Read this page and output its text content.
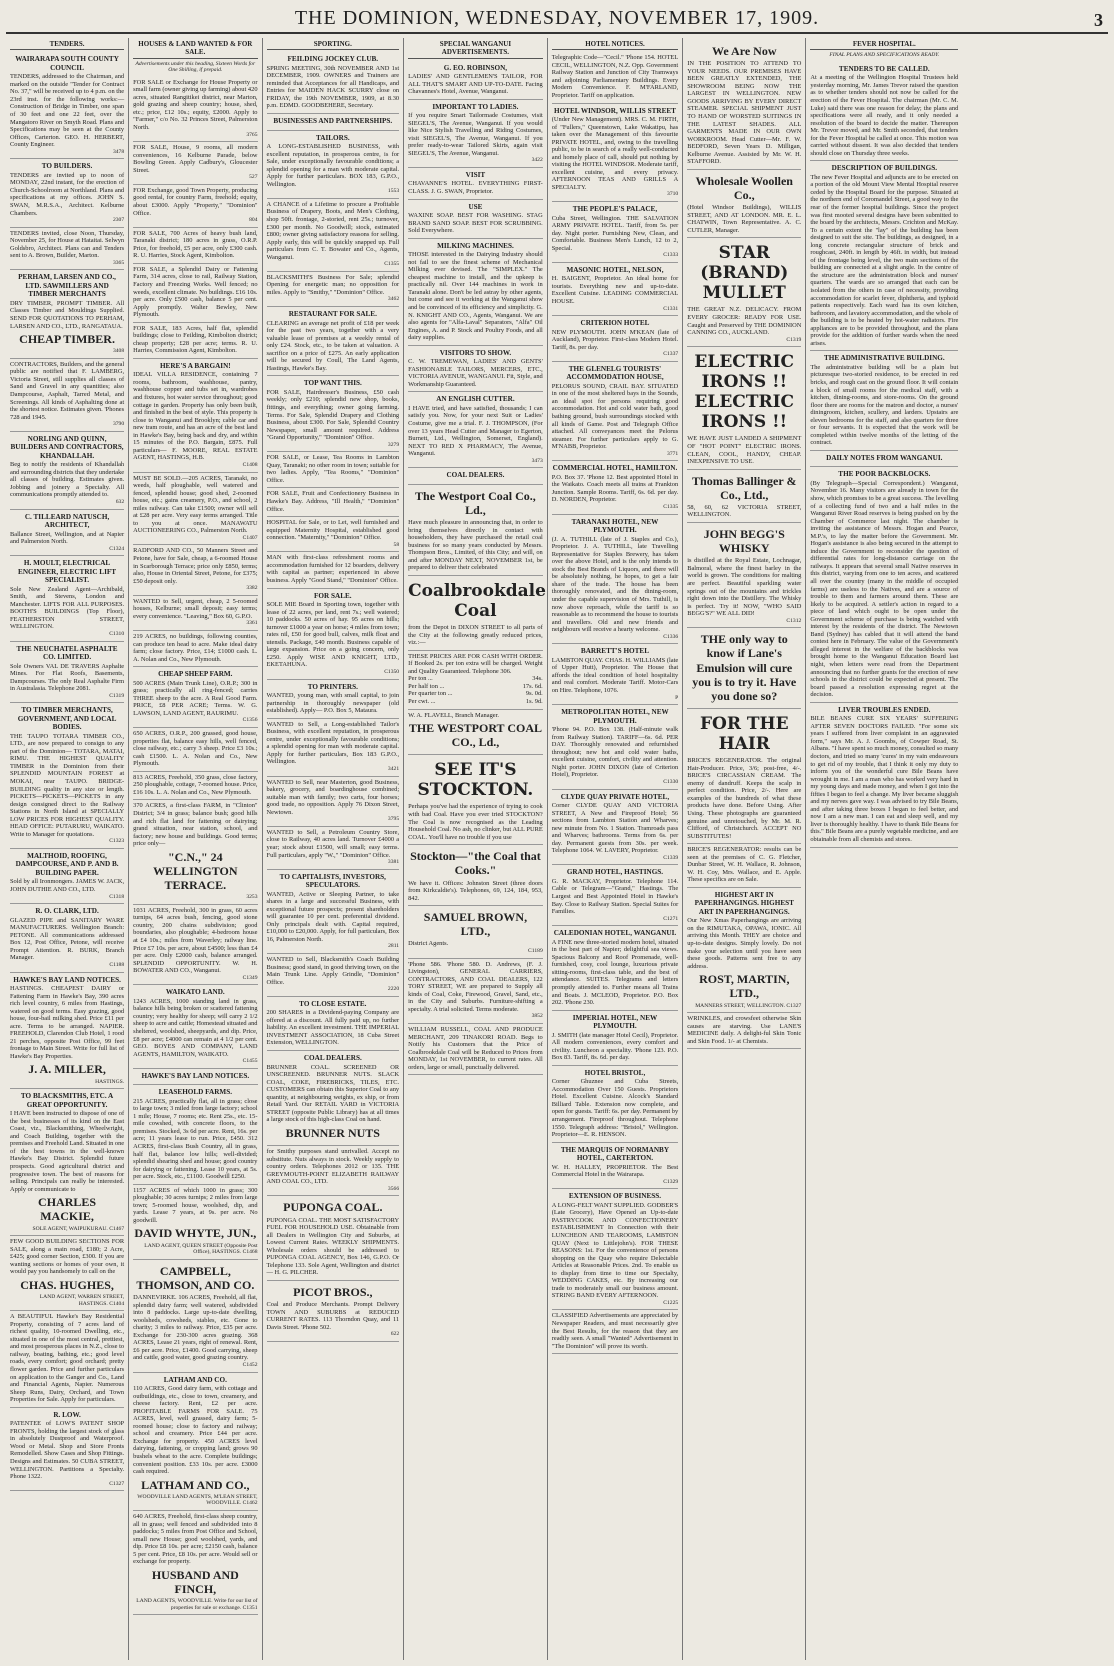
THE DOMINION, WEDNESDAY, NOVEMBER 17, 1909.	3
TENDERS.
WAIRARAPA SOUTH COUNTY COUNCIL

TENDERS, addressed to the Chairman, and marked on the outside "Tender for Contract No. 37," will be received up to 4 p.m. on the 23rd inst. for the following works:— Construction of Bridge in Timber, one span of 30 feet and one 22 feet, over the Mangatoro River on Smyth Road. Plans and Specifications may be seen at the County Offices, Carterton. GEO. H. HERBERT, County Engineer.

3478
TO BUILDERS.

TENDERS are invited up to noon of MONDAY, 22nd instant, for the erection of Church-Schoolroom at Northland. Plans and specifications at my offices. JOHN S. SWAN, M.R.S.A., Architect. Kelburne Chambers.

2307

TENDERS invited, close Noon, Thursday, November 25, for House at Hataitai. Selwyn Goldsbro, Architect. Plans can and Tenders sent to A. Brown, Builder, Marton.

3365
PERHAM, LARSEN AND CO., LTD. SAWMILLERS AND TIMBER MERCHANTS

DRY TIMBER, PROMPT TIMBER. All Classes Timber and Mouldings Supplied. SEND FOR QUOTATIONS TO PERHAM, LARSEN AND CO., LTD., RANGATAUA.

CHEAP TIMBER.
3408

CONTRACTORS, Builders, and the general public are notified that F. LAMBERG, Victoria Street, still supplies all classes of Sand and Gravel in any quantities; also Dampcourse, Asphalt, Tarred Metal, and Screenings. All kinds of Asphalting done at the shortest notice. Estimates given. 'Phones 728 and 1945.

3790
NORLING AND QUINN, BUILDERS AND CONTRACTORS, KHANDALLAH.

Beg to notify the residents of Khandallah and surrounding districts that they undertake all classes of building. Estimates given. Jobbing and joinery a Specialty. All communications promptly attended to.

632
C. TILLEARD NATUSCH, ARCHITECT,

Ballance Street, Wellington, and at Napier and Palmerston North.

C1324
H. MOULT, ELECTRICAL ENGINEER, ELECTRIC LIFT SPECIALIST.

Sole New Zealand Agent—Archibald, Smith, and Stevens, London and Manchester. LIFTS FOR ALL PURPOSES. BOOTH'S BUILDINGS (Top Floor), FEATHERSTON STREET, WELLINGTON.

C1310
THE NEUCHATEL ASPHALTE CO. LIMITED.

Sole Owners VAL DE TRAVERS Asphalte Mines. For Flat Roofs, Basements, Dampcourses. The only Real Asphalte Firm in Australasia. Telephone 2081.

C1319
TO TIMBER MERCHANTS, GOVERNMENT, AND LOCAL BODIES.

THE TAUPO TOTARA TIMBER CO., LTD., are now prepared to consign to any part of the Dominion— TOTARA, MATAI, RIMU. THE HIGHEST QUALITY TIMBER in the Dominion from their SPLENDID MOUNTAIN FOREST at MOKAI, near TAUPO. BRIDGE-BUILDING quality in any size or length. PICKETS—PICKETS—PICKETS in any design consigned direct to the Railway Stations in North Island at SPECIALLY LOW PRICES FOR HIGHEST QUALITY. HEAD OFFICE: PUTARURU, WAIKATO. Write to Manager for quotations.

C1323
MALTHOID, ROOFING, DAMPCOURSE, AND P. AND B. BUILDING PAPER.

Sold by all Ironmongers. JAMES W. JACK, JOHN DUTHIE AND CO., LTD.

C1318
R. O. CLARK, LTD.

GLAZED PIPE and SANITARY WARE MANUFACTURERS. Wellington Branch: PETONE. All communications addressed Box 12, Post Office, Petone, will receive Prompt Attention. R. BURK, Branch Manager.

C1188
HAWKE'S BAY LAND NOTICES.

HASTINGS. CHEAPEST DAIRY or Fattening Farm in Hawke's Bay, 390 acres rich level country, 6 miles from Hastings, watered on good terms. Easy grazing, good house, four-bail milking shed. Price £11 per acre. Terms to be arranged. NAPIER. FREEHOLD, Clarendon Club Hotel, 1 rood 21 perches, opposite Post Office, 99 feet frontage to Main Street. Write for full list of Hawke's Bay Properties.

J. A. MILLER,
HASTINGS.
TO BLACKSMITHS, ETC. A GREAT OPPORTUNITY.

I HAVE been instructed to dispose of one of the best businesses of its kind on the East Coast, viz., Blacksmithing, Wheelwright, and Coach Building, together with the premises and Freehold Land. Situated in one of the best towns in the well-known Hawke's Bay District. Splendid future prospects. Good agricultural district and progressive town. The best of reasons for selling. Principals can really be interested. Apply or communicate to

CHARLES MACKIE,
SOLE AGENT, WAIPUKURAU. C1467

FEW GOOD BUILDING SECTIONS FOR SALE, along a main road, £180; 2 Acre, £425; good corner Section, £300. If you are wanting sections or homes of your own, it would pay you handsomely to call on the

CHAS. HUGHES,
LAND AGENT, WARREN STREET, HASTINGS. C1404

A BEAUTIFUL Hawke's Bay Residential Property, consisting of 7 acres land of richest quality, 10-roomed Dwelling, etc., situated in one of the most central, prettiest, and most prosperous places in N.Z., close to railway, boating, bathing, etc.; good level roads, every comfort; good orchard; pretty flower garden. Price and further particulars on application to the Ganger and Co., Land and Financial Agents, Napier. Numerous Sheep Runs, Dairy, Orchard, and Town Properties for Sale. Apply for particulars.

R. LOW.

PATENTEE of LOW'S PATENT SHOP FRONTS, holding the largest stock of glass in absolutely Dustproof and Waterproof. Wood or Metal. Shop and Store Fronts Remodelled. Show Cases and Shop Fittings. Designs and Estimates. 50 CUBA STREET, WELLINGTON. Partitions a Specialty. Phone 1322.

C1327
HOUSES & LAND WANTED & FOR SALE.
Advertisements under this heading, Sixteen Words for One Shilling, if prepaid.

FOR SALE or Exchange for House Property or small farm (owner giving up farming) about 420 acres, situated Rangitikei district, near Marton, gold grazing and sheep country; house, shed, etc.; price, £12 10s.; equity, £2000. Apply to "Farmer," c/o No. 32 Princes Street, Palmerston North.

3765

FOR SALE, House, 9 rooms, all modern conveniences, 16 Kelburne Parade, below Bowling Green. Apply Cadbury's, Gloucester Street.

527

FOR Exchange, good Town Property, producing good rental, for country Farm, freehold; equity, about £3000. Apply "Property," "Dominion" Office.

804

FOR SALE, 700 Acres of heavy bush land, Taranaki district; 180 acres in grass, O.R.P. Price, for freehold, £5 per acre, only £300 cash. R. U. Harries, Stock Agent, Kimbolton.

FOR SALE, a Splendid Dairy or Fattening Farm, 314 acres, close to rail, Railway Station, Factory and Freezing Works. Well fenced; no weeds, excellent climate. No buildings. £16 10s. per acre. Only £500 cash, balance 5 per cent. Apply promptly. Walter Bewley, New Plymouth.

FOR SALE, 183 Acres, half flat, splendid buildings; close to Feilding, Kimbolton district; cheap property; £28 per acre; terms. R. U. Harries, Commission Agent, Kimbolton.

HERE'S A BARGAIN!

IDEAL VILLA RESIDENCE, containing 7 rooms, bathroom, washhouse, pantry, washhouse copper and tubs set in, wardrobes and fixtures, hot water service throughout; good cottage in garden. Property has only been built, and finished in the best of style. This property is close to Wanganui and Brooklyn; cable car and new tram route, and has an acre of the best land in Hawke's Bay, being back and dry, and within 15 minutes of the P.O. Bargain, £875. Full particulars— F. MOORE, REAL ESTATE AGENT, HASTINGS, H.B.

C1408

MUST BE SOLD.—205 ACRES, Taranaki, no weeds, half ploughable, well watered and fenced, splendid house; good shed, 2-roomed house, etc.; gains creamery, P.O., and school, 2 miles railway. Can take £1500; owner will sell at £28 per acre. Very easy terms arranged. Title to you at once. MANAWATU AUCTIONEERING CO., Palmerston North.

C1407

RADFORD AND CO., 50 Manners Street and Petone, have for Sale, cheap, a 6-roomed House in Scarborough Terrace; price only £850, terms; also, House in Oriental Street, Petone, for £375; £50 deposit only.

3382

WANTED to Sell, urgent, cheap, 2 5-roomed houses, Kelburne; small deposit; easy terms; every convenience. "Leaving," Box 60, G.P.O.

3361

219 ACRES, no buildings, following counties, can produce ten head to acre. Make ideal dairy farm; close factory. Price, £14; £1000 cash. L. A. Nolan and Co., New Plymouth.

CHEAP SHEEP FARM.

500 ACRES (Main Trunk Line), O.R.P.; 300 in grass; practically all ring-fenced; carries THREE sheep to the acre. A Real Good Farm. PRICE, £8 PER ACRE; Terms. W. G. LAWSON, LAND AGENT, RAURIMU.

C1356

650 ACRES, O.R.P., 200 grassed, good house, properties flat, balance easy hills, well fenced, close railway, etc.; carry 3 sheep. Price £3 10s.; cash £1500. L. A. Nolan and Co., New Plymouth.

813 ACRES, Freehold, 350 grass, close factory, 250 ploughable, cottage, 7-roomed house. Price, £16 10s. L. A. Nolan and Co., New Plymouth.

370 ACRES, a first-class FARM, in "Clinton" District; 3/4 in grass; balance bush; good hills and rich flat land for fattening or dairying; grand situation, near station, school, and factory; new house and buildings. Good terms; price only—

"C.N.," 24 WELLINGTON TERRACE.
3253

1031 ACRES, Freehold, 300 in grass, 60 acres turnips, 64 acres bush, fencing, good stone country, 200 chains subdivision; good boundaries, also ploughable; 4-bedroom house at £4 10s.; miles from Waverley; railway line. Price £7 10s. per acre, about £4500; less than £4 per acre. Only £2000 cash, balance arranged. SPLENDID OPPORTUNITY. W. H. BOWATER AND CO., Wanganui.

C1349
WAIKATO LAND.

1243 ACRES, 1000 standing land in grass, balance hills being broken or scattered fattening country; very healthy for sheep; will carry 2 1/2 sheep to acre and cattle; Homestead situated and sheltered, woolshed, sheepyards, and dip. Price, £8 per acre; £4000 can remain at 4 1/2 per cent. GEO. BOYES AND COMPANY, LAND AGENTS, HAMILTON, WAIKATO.

C1455
HAWKE'S BAY LAND NOTICES.
LEASEHOLD FARMS.

215 ACRES, practically flat, all in grass; close to large town; 3 miled from large factory; school 1 mile; House, 7 rooms; etc. Rent 25s., etc. 15-mile cowshed, with concrete floors, to the premises. Stocked, 3s 6d per acre. Rent, 16s. per acre; 11 years lease to run. Price, £450. 312 ACRES, first-class Bush Country, all in grass, half flat, balance low hills; well-divided; splendid shearing shed and house; good country for dairying or fattening. Lease 10 years, at 5s. per acre. Stock, etc., £1100. Goodwill £250.

1157 ACRES of which 1000 in grass; 300 ploughable; 30 acres turnips; 2 miles from large town; 5-roomed house, woolshed, dip, and yards. Lease 7 years, at 9s. per acre. No goodwill.

DAVID WHYTE, JUN.,
LAND AGENT, QUEEN STREET (Opposite Post Office), HASTINGS. C1468
CAMPBELL, THOMSON, AND CO.

DANNEVIRKE. 106 ACRES, Freehold, all flat, splendid dairy farm; well watered, subdivided into 8 paddocks. Large up-to-date dwelling, woolsheds, cowsheds, stables, etc. Gone to charity; 3 miles to railway. Price, £35 per acre. Exchange for 230-300 acres grazing. 368 ACRES, Lease 21 years, right of renewal. Rent, £6 per acre. Price, £1400. Good carrying, sheep and cattle, good water, good grazing country.

C1452
LATHAM AND CO.

110 ACRES, Good dairy farm, with cottage and outbuildings, etc., close to town, creamery, and cheese factory. Rent, £2 per acre. PROFITABLE FARMS FOR SALE. 75 ACRES, level, well grassed, dairy farm; 5-roomed house; close to factory and railway; school and creamery. Price £44 per acre. Exchange for property. 450 ACRES level dairying, fattening, or cropping land; grows 90 bushels wheat to the acre. Complete buildings; convenient position. £33 10s. per acre. £3000 cash required.

LATHAM AND CO.,
WOODVILLE LAND AGENTS, M'LEAN STREET, WOODVILLE. C1462

640 ACRES, Freehold, first-class sheep country, all in grass; well fenced and subdivided into 8 paddocks; 5 miles from Post Office and School, small new House; good woolshed, yards, and dip. Price £8 10s. per acre; £2150 cash, balance 5 per cent. Price, £8 10s. per acre. Would sell or exchange for property.

HUSBAND AND FINCH,
LAND AGENTS, WOODVILLE. Write for our list of properties for sale or exchange. C1351
SPORTING.
FEILDING JOCKEY CLUB.

SPRING MEETING, 30th NOVEMBER AND 1st DECEMBER, 1909. OWNERS and Trainers are reminded that Acceptances for all Handicaps, and Entries for MAIDEN HACK SCURRY close on FRIDAY, the 19th NOVEMBER, 1909, at 8.30 p.m. EDMD. GOODBEHERE, Secretary.

BUSINESSES AND PARTNERSHIPS.
TAILORS.

A LONG-ESTABLISHED BUSINESS, with excellent reputation, in prosperous centre, is for Sale, under exceptionally favourable conditions; a splendid opening for a man with moderate capital. Apply for further particulars. BOX 183, G.P.O., Wellington.

1553

A CHANCE of a Lifetime to procure a Profitable Business of Drapery, Boots, and Men's Clothing, shop 50ft. frontage, 2-storied, rent 25s.; turnover, £300 per month. No Goodwill; stock, estimated £800; owner giving satisfactory reasons for selling. Apply early, this will be quickly snapped up. Full particulars from C. T. Bowater and Co., Agents, Wanganui.

C1355

BLACKSMITH'S Business For Sale; splendid Opening for energetic man; no opposition for miles. Apply to "Smithy," "Dominion" Office.

3462
RESTAURANT FOR SALE.

CLEARING an average net profit of £18 per week for the past two years, together with a very valuable lease of premises at a weekly rental of only £24. Stock, etc., to be taken at valuation. A sacrifice on a price of £275. An early application will be secured by Coull, The Land Agents, Hastings, Hawke's Bay.

TOP WANT THIS.

FOR SALE, Hairdresser's Business, £50 cash weekly; only £210; splendid new shop, books, fittings, and everything; owner going farming. Terms. For Sale, Splendid Drapery and Clothing Business, about £300. For Sale, Splendid Country Newspaper, small amount required. Address "Grand Opportunity," "Dominion" Office.

3279

FOR SALE, or Lease, Tea Rooms in Lambton Quay, Taranaki; no other room in town; suitable for two ladies. Apply, "Tea Rooms," "Dominion" Office.

FOR SALE, Fruit and Confectionery Business in Hawke's Bay. Address, "Ill Health," "Dominion" Office.

HOSPITAL for Sale, or to Let, well furnished and equipped Maternity Hospital, established good connection. "Maternity," "Dominion" Office.

58

MAN with first-class refreshment rooms and accommodation furnished for 12 boarders, delivery with capital as partner; experienced in above business. Apply "Good Stand," "Dominion" Office.

FOR SALE.

SOLE MIE Board in Sporting town, together with lease of 22 acres, per land, rent 7s.; well watered; 10 paddocks. 50 acres of hay. 95 acres on hills; turnover £1000 a year on horse; 4 miles from town; rates nil, £50 for good bull, calves, milk float and utensils. Package, £40 month. Business capable of large expansion. Price on a going concern, only £250. Apply WISE AND KNIGHT, LTD., EKETAHUNA.

C1350
TO PRINTERS.

WANTED, young man, with small capital, to join partnership in thoroughly newspaper (old established). Apply— P.O. Box 5, Mataura.

WANTED to Sell, a Long-established Tailor's Business, with excellent reputation, in prosperous centre, under exceptionally favourable conditions; a splendid opening for man with moderate capital. Apply for further particulars, Box 183 G.P.O., Wellington.

3421

WANTED to Sell, near Masterton, good Business, bakery, grocery, and boardinghouse combined; suitable man with family; two carts, four horses; good trade, no opposition. Apply 76 Dixon Street, Newtown.

3795

WANTED to Sell, a Petroleum Country Store, close to Railway, 40 acres land. Turnover £4000 a year; stock about £1500, will small; easy terms. Full particulars, apply "W.," "Dominion" Office.

3381
TO CAPITALISTS, INVESTORS, SPECULATORS.

WANTED, Active or Sleeping Partner, to take shares in a large and successful Business, with exceptional future prospects; present shareholders will guarantee 10 per cent. preferential dividend. Only principals dealt with. Capital required, £10,000 to £20,000. Apply, for full particulars, Box 16, Palmerston North.

2811

WANTED to Sell, Blacksmith's Coach Building Business; good stand, in good thriving town, on the Main Trunk Line. Apply Grindle, "Dominion" Office.

2220
TO CLOSE ESTATE.

200 SHARES in a Dividend-paying Company are offered at a discount. All fully paid up, no further liability. An excellent investment. THE IMPERIAL INVESTMENT ASSOCIATION, 18 Cuba Street Extension, WELLINGTON.

COAL DEALERS.

BRUNNER COAL. SCREENED OR UNSCREENED. BRUNNER NUTS. SLACK COAL, COKE, FIREBRICKS, TILES, ETC. CUSTOMERS can obtain this Superior Coal to any quantity, at neighbouring weights, ex ship, or from Retail Yard. Our RETAIL YARD in VICTORIA STREET (opposite Public Library) has at all times a large stock of this high-class Coal on hand.

BRUNNER NUTS

for Smithy purposes stand unrivalled. Accept no substitute. Nuts always in stock. Weekly supply to country orders. Telephones 2012 or 135. THE GREYMOUTH-POINT ELIZABETH RAILWAY AND COAL CO., LTD.

3566
PUPONGA COAL.

PUPONGA COAL. THE MOST SATISFACTORY FUEL FOR HOUSEHOLD USE. Obtainable from all Dealers in Wellington City and Suburbs, at Lowest Current Rates. WEEKLY SHIPMENTS. Wholesale orders should be addressed to PUPONGA COAL AGENCY, Box 146, G.P.O. Or Telephone 133. Sole Agent, Wellington and district— H. G. PILCHER.

PICOT BROS.,

Coal and Produce Merchants. Prompt Delivery TOWN AND SUBURBS at REDUCED CURRENT RATES. 113 Thorndon Quay, and 11 Davis Street. 'Phone 502.

622
SPECIAL WANGANUI ADVERTISEMENTS.
G. EO. ROBINSON,

LADIES' AND GENTLEMEN'S TAILOR, FOR ALL THAT'S SMART AND UP-TO-DATE. Facing Chavannes's Hotel, Avenue, Wanganui.

IMPORTANT TO LADIES.

If you require Smart Tailormade Costumes, visit SIEGEL'S, The Avenue, Wanganui. If you would like Nice Stylish Travelling and Riding Costumes, visit SIEGEL'S, The Avenue, Wanganui. If you prefer ready-to-wear Tailored Skirts, again visit SIEGEL'S, The Avenue, Wanganui.

3422
VISIT

CHAVANNE'S HOTEL. EVERYTHING FIRST-CLASS. J. G. SWAN, Proprietor.

USE

WAXINE SOAP. BEST FOR WASHING. STAG BRAND SAND SOAP. BEST FOR SCRUBBING. Sold Everywhere.

MILKING MACHINES.

THOSE interested in the Dairying Industry should not fail to see the finest scheme of Mechanical Milking ever devised. The "SIMPLEX." The cheapest machine to install, and the upkeep is practically nil. Over 144 machines in work in Taranaki alone. Don't be led astray by other agents, but come and see it working at the Wanganui show and be convinced of its efficiency and simplicity. G. N. KNIGHT AND CO., Agents, Wanganui. We are also agents for "Alfa-Laval" Separators, "Alfa" Oil Engines, A. and P. Stock and Poultry Foods, and all dairy supplies.

VISITORS TO SHOW.

C. W. TREMEWAN, LADIES' AND GENTS' FASHIONABLE TAILORS, MERCERS, ETC., VICTORIA AVENUE, WANGANUI. Fit, Style, and Workmanship Guaranteed.

AN ENGLISH CUTTER.

I HAVE tried, and have satisfied, thousands; I can satisfy you. Now, for your next Suit or Ladies' Costume, give me a trial. F. J. THOMPSON, (For over 13 years Head Cutter and Manager to Egerton, Burnett, Ltd., Wellington, Somerset, England). NEXT TO RED X PHARMACY, The Avenue, Wanganui.

3473
COAL DEALERS.
The Westport Coal Co., Ld.,

Have much pleasure in announcing that, in order to bring themselves directly in contact with householders, they have purchased the retail coal business for so many years conducted by Messrs. Thompson Bros., Limited, of this City; and will, on and after MONDAY NEXT, NOVEMBER 1st, be prepared to deliver their celebrated

Coalbrookdale Coal

from the Depot in DIXON STREET to all parts of the City at the following greatly reduced prices, viz.:—

THESE PRICES ARE FOR CASH WITH ORDER. If Booked 2s. per ton extra will be charged. Weight and Quality Guaranteed. Telephone 306.

Per ton ...	34s.
Per half ton ...	17s. 6d.
Per quarter ton ...	9s. 0d.
Per cwt. ...	1s. 9d.

W. A. FLAVELL, Branch Manager.

THE WESTPORT COAL CO., Ld.,
SEE IT'S STOCKTON.

Perhaps you've had the experience of trying to cook with bad Coal. Have you ever tried STOCKTON? The Coal is now recognised as the Leading Household Coal. No ash, no clinker, but ALL PURE COAL. You'll have no trouble if you use

Stockton—"the Coal that Cooks."

We have it. Offices: Johnston Street (three doors from Kirkcaldie's). Telephones, 69, 124, 184, 953, 842.

SAMUEL BROWN, LTD.,

District Agents.

C1189

'Phone 586. 'Phone 580. D. Andrews, (F. J. Livingston), GENERAL CARRIERS, CONTRACTORS, AND COAL DEALERS, 122 TORY STREET, WE are prepared to Supply all kinds of Coal, Coke, Firewood, Gravel, Sand, etc., in the City and Suburbs. Furniture-shifting a specialty. A trial solicited. Terms moderate.

3852

WILLIAM RUSSELL, COAL AND PRODUCE MERCHANT, 209 TINAKORI ROAD. Begs to Notify his Customers that the Price of Coalbrookdale Coal will be Reduced to Prices from MONDAY, 1st NOVEMBER, to current rates. All orders, large or small, punctually delivered.

HOTEL NOTICES.

Telegraphic Code—"Cecil." 'Phone 154. HOTEL CECIL, WELLINGTON, N.Z. Opp. Government Railway Station and Junction of City Tramways and adjoining Parliamentary Buildings. Every Modern Convenience. F. M'FARLAND, Proprietor. Tariff on application.

HOTEL WINDSOR, WILLIS STREET

(Under New Management). MRS. C. M. FIRTH, of "Fullers," Queenstown, Lake Wakatipu, has taken over the Management of this favourite PRIVATE HOTEL, and, owing to the travelling public, to be in search of a really well-conducted and homely place of call, should put nothing by visiting the HOTEL WINDSOR. Moderate tariff, excellent cuisine, and every privacy. AFTERNOON TEAS AND GRILLS A SPECIALTY.

3710
THE PEOPLE'S PALACE,

Cuba Street, Wellington. THE SALVATION ARMY PRIVATE HOTEL. Tariff, from 5s. per day. Night porter. Furnishing New, Clean, and Comfortable. Business Men's Lunch, 12 to 2, Special.

C1333
MASONIC HOTEL, NELSON,

H. BAIGENT, Proprietor. An ideal home for tourists. Everything new and up-to-date. Excellent Cuisine. LEADING COMMERCIAL HOUSE.

C1331
CRITERION HOTEL

NEW PLYMOUTH. JOHN M'KEAN (late of Auckland), Proprietor. First-class Modern Hotel. Tariff, 8s. per day.

C1337
THE GLENELG TOURISTS' ACCOMMODATION HOUSE,

PELORUS SOUND, CRAIL BAY. SITUATED in one of the most sheltered bays in the Sounds, an ideal spot for persons requiring good accommodation. Hot and cold water bath, good bathing ground, bush surroundings stocked with all kinds of Game. Post and Telegraph Office attached. All conveyances meet the Pelorus steamer. For further particulars apply to G. M'NABB, Proprietor.

3771
COMMERCIAL HOTEL, HAMILTON.

P.O. Box 37. 'Phone 12. Best appointed Hotel in the Waikato. Coach meets all trains at Frankton Junction. Sample Rooms. Tariff, 6s. 6d. per day. D. NORDEN, Proprietor.

C1335
TARANAKI HOTEL, NEW PLYMOUTH.

(J. A. TUTHILL (late of J. Staples and Co.), Proprietor. J. A. TUTHILL, late Travelling Representative for Staples Brewery, has taken over the above Hotel, and is the only intends to stock the Best Brands of Liquors, and there will be absolutely nothing, he hopes, to get a fair share of the trade. The house has been thoroughly renovated, and the dining-room, under the capable supervision of Mrs. Tuthill, is now above reproach, while the tariff is so reasonable as to recommend the house to tourists and travellers. Old and new friends and neighbours will receive a hearty welcome.

C1336
BARRETT'S HOTEL

LAMBTON QUAY. CHAS. H. WILLIAMS (late of Upper Hutt), Proprietor. The House that affords the ideal condition of hotel hospitality and real comfort. Moderate Tariff. Motor-Cars on Hire. Telephone, 1076.

P
METROPOLITAN HOTEL, NEW PLYMOUTH.

'Phone 94. P.O. Box 138. (Half-minute walk from Railway Station). TARIFF—6s. 6d. PER DAY. Thoroughly renovated and refurnished throughout; new hot and cold water baths, excellent cuisine, comfort, civility and attention. Night porter. JOHN DIXON (late of Criterion Hotel), Proprietor.

C1330
CLYDE QUAY PRIVATE HOTEL,

Corner CLYDE QUAY AND VICTORIA STREET, A New and Fireproof Hotel; 56 sections from Lambton Station and Wharves; new minute from No. 1 Station. Tramroads pass and Wharves; bathrooms. Terms from 6s. per day. Permanent guests from 30s. per week. Telephone 1064. W. LAVERY, Proprietor.

C1339
GRAND HOTEL, HASTINGS.

G. R. MACKAY, Proprietor. Telephone 114. Cable or Telegram—"Grand," Hastings. The Largest and Best Appointed Hotel in Hawke's Bay. Close to Railway Station. Special Suites for Families.

C1271
CALEDONIAN HOTEL, WANGANUI.

A FINE new three-storied modern hotel, situated in the best part of Napier; delightful sea views. Spacious Balcony and Roof Promenade, well-furnished, cosy, cool lounge, luxurious private sitting-rooms, first-class table, and the best of attendance. SUITES. Telegrams and letters promptly attended to. Further means all Trains and Boats. J. MCLEOD, Proprietor. P.O. Box 202. 'Phone 230.

IMPERIAL HOTEL, NEW PLYMOUTH.

J. SMITH (late manager Hotel Cecil), Proprietor. All modern conveniences, every comfort and civility. Luncheon a speciality. 'Phone 123. P.O. Box 83. Tariff, 8s. 6d. per day.

HOTEL BRISTOL,

Corner Ghuznee and Cuba Streets, Accommodation Over 150 Guests. Proprietors Hotel. Excellent Cuisine. Alcock's Standard Billiard Table. Extension now complete, and open for guests. Tariff: 6s. per day. Permanent by arrangement. Fireproof throughout. Telephone 1550. Telegraph address: "Bristol," Wellington. Proprietor—E. R. HENSON.

THE MARQUIS OF NORMANBY HOTEL, CARTERTON.

W. H. HALLEY, PROPRIETOR. The Best Commercial Hotel in the Wairarapa.

C1329
EXTENSION OF BUSINESS.

A LONG-FELT WANT SUPPLIED. GODBER'S (Late Grocery), Have Opened an Up-to-date PASTRYCOOK AND CONFECTIONERY ESTABLISHMENT In Connection with their LUNCHEON AND TEAROOMS, LAMBTON QUAY (Next to Littlejohn's). FOR THESE REASONS: 1st. For the convenience of persons shopping on the Quay who require Delectable Articles at Reasonable Prices. 2nd. To enable us to display from time to time our Specialty, WEDDING CAKES, etc. By increasing our trade to moderately small our business amount. STRING BAND EVERY AFTERNOON.

C1225

CLASSIFIED Advertisements are appreciated by Newspaper Readers, and must necessarily give the Best Results, for the reason that they are readily seen. A small "Wanted" Advertisement in "The Dominion" will prove its worth.

We Are Now

IN THE POSITION TO ATTEND TO YOUR NEEDS. OUR PREMISES HAVE BEEN GREATLY EXTENDED, THE SHOWROOM BEING NOW THE LARGEST IN WELLINGTON. NEW GOODS ARRIVING BY EVERY DIRECT STEAMER. SPECIAL SHIPMENT JUST TO HAND OF WORSTED SUITINGS IN THE LATEST SHADES. ALL GARMENTS MADE IN OUR OWN WORKROOM. Head Cutter—Mr. F. W. BEDFORD, Seven Years D. Milligan, Kelburne Avenue. Assisted by Mr. W. H. STAFFORD.

Wholesale Woollen Co.,

(Hotel Windsor Buildings), WILLIS STREET, AND AT LONDON. MR. E. L. CHATWIN, Town Representative. A. C. CUTLER, Manager.

STAR (BRAND) MULLET

THE GREAT N.Z. DELICACY. FROM EVERY GROCER: READY FOR USE. Caught and Preserved by THE DOMINION CANNING CO., AUCKLAND.

C1319
ELECTRIC IRONS !! ELECTRIC IRONS !!

WE HAVE JUST LANDED A SHIPMENT OF "HOT POINT" ELECTRIC IRONS. CLEAN, COOL, HANDY, CHEAP. INEXPENSIVE TO USE.

Thomas Ballinger & Co., Ltd.,

58, 60, 62 VICTORIA STREET, WELLINGTON.

JOHN BEGG'S WHISKY

is distilled at the Royal Estate, Lochnagar, Balmoral, where the finest barley in the world is grown. The conditions for malting are perfect. Beautiful sparkling water springs out of the mountains and trickles right down into the Distillery. The Whisky is perfect. Try it! NOW, "WHO SAID BEGG'S?" WE ALL DID!

C1312
THE only way to know if Lane's Emulsion will cure you is to try it. Have you done so?
FOR THE HAIR

BRICE'S REGENERATOR. The original Hair-Producer. Price, 3/6; post-free, 4/-. BRICE'S CIRCASSIAN CREAM. The enemy of dandruff. Keeps the scalp in perfect condition. Price, 2/-. Here are examples of the hundreds of what these products have done. Before Using. After Using. These photographs are guaranteed genuine and unretouched, by Mr. M. R. Clifford, of Christchurch. ACCEPT NO SUBSTITUTES!

BRICE'S REGENERATOR: results can be seen at the premises of C. G. Fletcher, Dunbar Street, W. H. Wallace, R. Johnson, W. H. Coy, Mrs. Wallace, and E. Apple. These specifics are on Sale.

HIGHEST ART IN PAPERHANGINGS. HIGHEST ART IN PAPERHANGINGS.

Our New Xmas Paperhangings are arriving on the RIMUTAKA, OPAWA, IONIC. All arriving this Month. THEY are choice and up-to-date designs. Simply lovely. Do not make your selection until you have seen these goods. Patterns sent free to any address.

ROST, MARTIN, LTD.,
MANNERS STREET, WELLINGTON. C1327

WRINKLES, and crowsfeet otherwise Skin causes are starving. Use LANE'S MEDICINE daily. A delight-ful Skin Tonic and Skin Food. 1/- at Chemists.

FEVER HOSPITAL.
FINAL PLANS AND SPECIFICATIONS READY.
TENDERS TO BE CALLED.

At a meeting of the Wellington Hospital Trustees held yesterday morning, Mr. James Trevor raised the question as to whether tenders should not now be called for the erection of the Fever Hospital. The chairman (Mr. C. M. Luke) said there was one reason for delay; the plans and specifications were all ready, and it only needed a resolution of the board to decide the matter. Thereupon Mr. Trevor moved, and Mr. Smith seconded, that tenders for the Fever Hospital be called at once. This motion was carried without dissent. It was also decided that tenders should close on Thursday three weeks.

DESCRIPTION OF BUILDINGS.

The new Fever Hospital and adjuncts are to be erected on a portion of the old Mount View Mental Hospital reserve ceded by the Hospital Board for the purpose. Situated at the northern end of Coromandel Street, a good way to the rear of the former hospital buildings. Since the project was first mooted several designs have been submitted to the board by the architects, Messrs. Crichton and McKay. To a certain extent the "lay" of the building has been designed to suit the site. The buildings, as designed, in a long concrete rectangular structure of brick and roughcast, 240ft. in length by 46ft. in width, but instead of the frontage being level, the two main sections of the building are connected at a slight angle. In the centre of the structure are the administration block and nurses' quarters. The wards are so arranged that each can be isolated from the others in case of necessity, providing accommodation for scarlet fever, diphtheria, and typhoid patients respectively. Each ward has its own kitchen, bathroom, and lavatory accommodation, and the whole of the building is to be heated by hot-water radiators. Fire appliances are to be provided throughout, and the plans provide for the addition of further wards when the need arises.

THE ADMINISTRATIVE BUILDING.

The administrative building will be a plain but picturesque two-storied residence, to be erected in red bricks, and rough cast on the ground floor. It will contain a block of small rooms for the medical staff, with a kitchen, dining-rooms, and store-rooms. On the ground floor there are rooms for the matron and doctor, a nurses' diningroom, kitchen, scullery, and larders. Upstairs are eleven bedrooms for the staff, and also quarters for three or four servants. It is expected that the work will be completed within twelve months of the letting of the contract.

DAILY NOTES FROM WANGANUI.
THE POOR BACKBLOCKS.

(By Telegraph—Special Correspondent.) Wanganui, November 16. Many visitors are already in town for the show, which promises to be a great success. The levelling of a collecting fund of two and a half miles in the Wanganui River Road reserves is being pushed on by the Chamber of Commerce last night. The chamber is inviting the assistance of Messrs. Hogan and Pearce, M.P.'s, to lay the matter before the Government. Mr. Hogan's assistance is also being secured in the attempt to induce the Government to reconsider the question of differential rates for long-distance carriage on the railways. It appears that several small Native reserves in this district, varying from one to ten acres, and scattered all over the country (many in the middle of occupied farms) are useless to the Natives, and are a source of trouble to them and farmers around them. These are likely to be acquired. A settler's action in regard to a piece of land which ought to be open under the Government scheme of purchase is being watched with interest by the residents of the district. The Newtown Band (Sydney) has cabled that it will attend the band contest here in February. The value of the Government's alleged interest in the welfare of the backblocks was brought home to the Wanganui Education Board last night, when letters were read from the Department announcing that no further grants for the erection of new schools in the district could be expected at present. The board passed a resolution expressing regret at the decision.

LIVER TROUBLES ENDED.

BILE BEANS CURE SIX YEARS' SUFFERING AFTER SEVEN DOCTORS FAILED. "For some six years I suffered from liver complaint in an aggravated form," says Mr. A. J. Goombs, of Cowper Road, St. Albans. "I have spent so much money, consulted so many doctors, and tried so many 'cures' in my vain endeavours to get rid of my trouble, that I think it only my duty to inform you of the wonderful cure Bile Beans have wrought in me. I am a man who has worked very hard in my young days and made money, and when I got into the fifties I began to feel a change. My liver became sluggish and my nerves gave way. I was advised to try Bile Beans, and after taking three boxes I began to feel better, and now I am a new man. I can eat and sleep well, and my liver is thoroughly healthy. I have to thank Bile Beans for this." Bile Beans are a purely vegetable medicine, and are obtainable from all chemists and stores.
